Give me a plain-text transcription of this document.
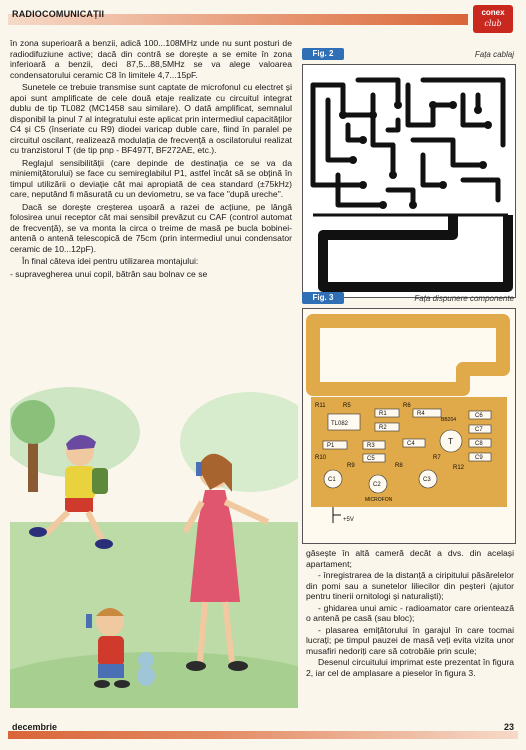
RADIOCOMUNICAȚII	conex
club

în zona superioară a benzii, adică 100...108MHz unde nu sunt posturi de radiodifuziune active; dacă din contră se dorește a se emite în zona inferioară a benzii, deci 87,5...88,5MHz se va alege valoarea condensatorului ceramic C8 în limitele 4,7...15pF.

Sunetele ce trebuie transmise sunt captate de microfonul cu electret și apoi sunt amplificate de cele două etaje realizate cu circuitul integrat dublu de tip TL082 (MC1458 sau similare). O dată amplificat, semnalul disponibil la pinul 7 al integratului este aplicat prin intermediul capacităților C4 și C5 (înseriate cu R9) diodei varicap duble care, fiind în paralel pe circuitul oscilant, realizează modulația de frecvență a oscilatorului realizat cu tranzistorul T (de tip pnp - BF497T, BF272AE, etc.).

Reglajul sensibilității (care depinde de destinația ce se va da miniemițătorului) se face cu semireglabilul P1, astfel încât să se obțină în timpul utilizării o deviație cât mai apropiată de cea standard (±75kHz) care, neputând fi măsurată cu un deviometru, se va face "după ureche".

Dacă se dorește creșterea ușoară a razei de acțiune, pe lângă folosirea unui receptor cât mai sensibil prevăzut cu CAF (control automat de frecvență), se va monta la circa o treime de masă pe bucla bobinei-antenă o antenă telescopică de 75cm (prin intermediul unui condensator ceramic de 10...12pF).

În final câteva idei pentru utilizarea montajului:

- supravegherea unui copil, bătrân sau bolnav ce se

Fig. 2	Fața cablaj
Fig. 3	Fața dispunere componente
TL082
T
BB204
MICROFON
C1
C2
C3
C4
C5
C6
C7
C8
C9
P1
R1
R2
R3
R4
R5	R6
R7
R8
R9
R10
R11
R12
+5V

găsește în altă cameră decât a dvs. din același apartament;

- înregistrarea de la distanță a ciripitului păsărelelor din pomi sau a sunetelor liliecilor din peșteri (ajutor pentru tinerii ornitologi și naturaliști);

- ghidarea unui amic - radioamator care orientează o antenă pe casă (sau bloc);

- plasarea emițătorului în garajul în care tocmai lucrați; pe timpul pauzei de masă veți evita vizita unor musafiri nedoriți care să cotrobăie prin scule;

Desenul circuitului imprimat este prezentat în figura 2, iar cel de amplasare a pieselor în figura 3.

decembrie	23
